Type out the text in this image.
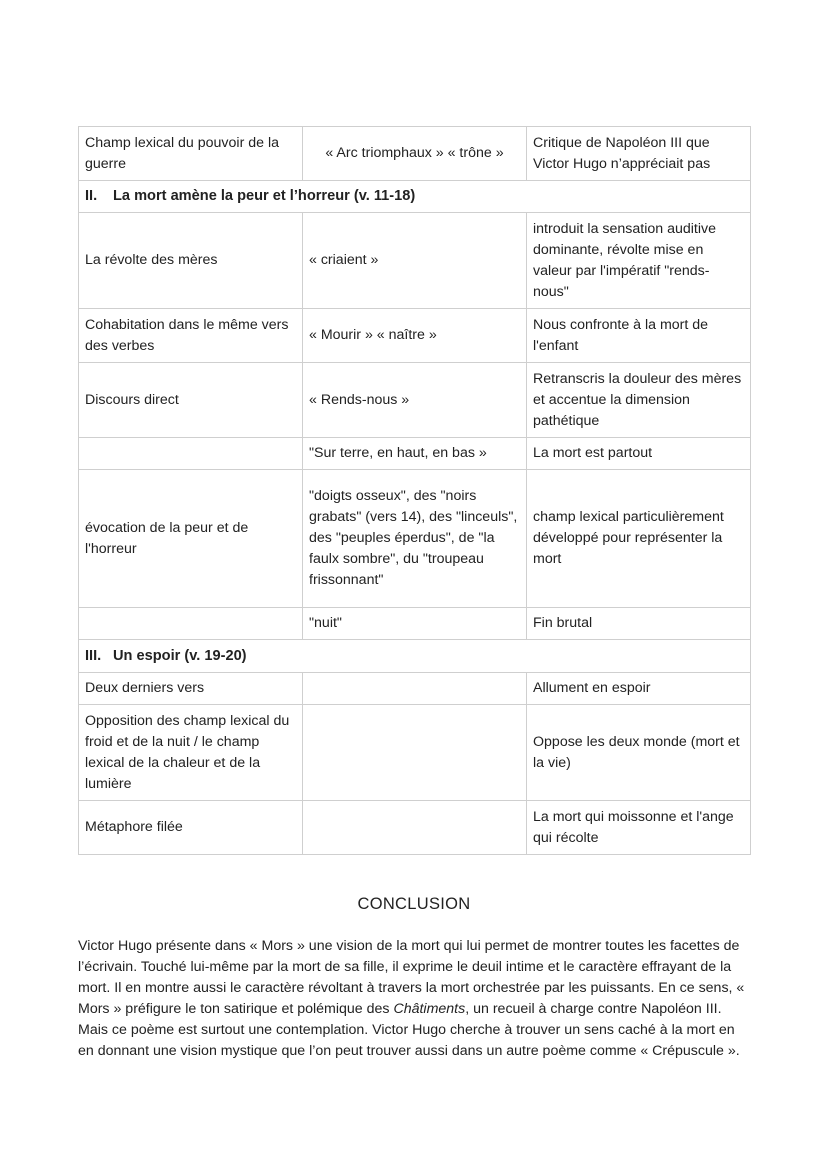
Champ lexical du pouvoir de la guerre	« Arc triomphaux » « trône »	Critique de Napoléon III que Victor Hugo n’appréciait pas
II. La mort amène la peur et l’horreur (v. 11-18)		
La révolte des mères	« criaient »	introduit la sensation auditive dominante, révolte mise en valeur par l'impératif "rends-nous"
Cohabitation dans le même vers des verbes	« Mourir » « naître »	Nous confronte à la mort de l'enfant
Discours direct	« Rends-nous »	Retranscris la douleur des mères et accentue la dimension pathétique
	"Sur terre, en haut, en bas »	La mort est partout
évocation de la peur et de l'horreur	"doigts osseux", des "noirs grabats" (vers 14), des "linceuls", des "peuples éperdus", de "la faulx sombre", du "troupeau frissonnant"	champ lexical particulièrement développé pour représenter la mort
	"nuit"	Fin brutal
III. Un espoir (v. 19-20)		
Deux derniers vers		Allument en espoir
Opposition des champ lexical du froid et de la nuit / le champ lexical de la chaleur et de la lumière		Oppose les deux monde (mort et la vie)
Métaphore filée		La mort qui moissonne et l'ange qui récolte
CONCLUSION

Victor Hugo présente dans « Mors » une vision de la mort qui lui permet de montrer toutes les facettes de l’écrivain. Touché lui-même par la mort de sa fille, il exprime le deuil intime et le caractère effrayant de la mort. Il en montre aussi le caractère révoltant à travers la mort orchestrée par les puissants. En ce sens, « Mors » préfigure le ton satirique et polémique des Châtiments, un recueil à charge contre Napoléon III. Mais ce poème est surtout une contemplation. Victor Hugo cherche à trouver un sens caché à la mort en en donnant une vision mystique que l’on peut trouver aussi dans un autre poème comme « Crépuscule ».
